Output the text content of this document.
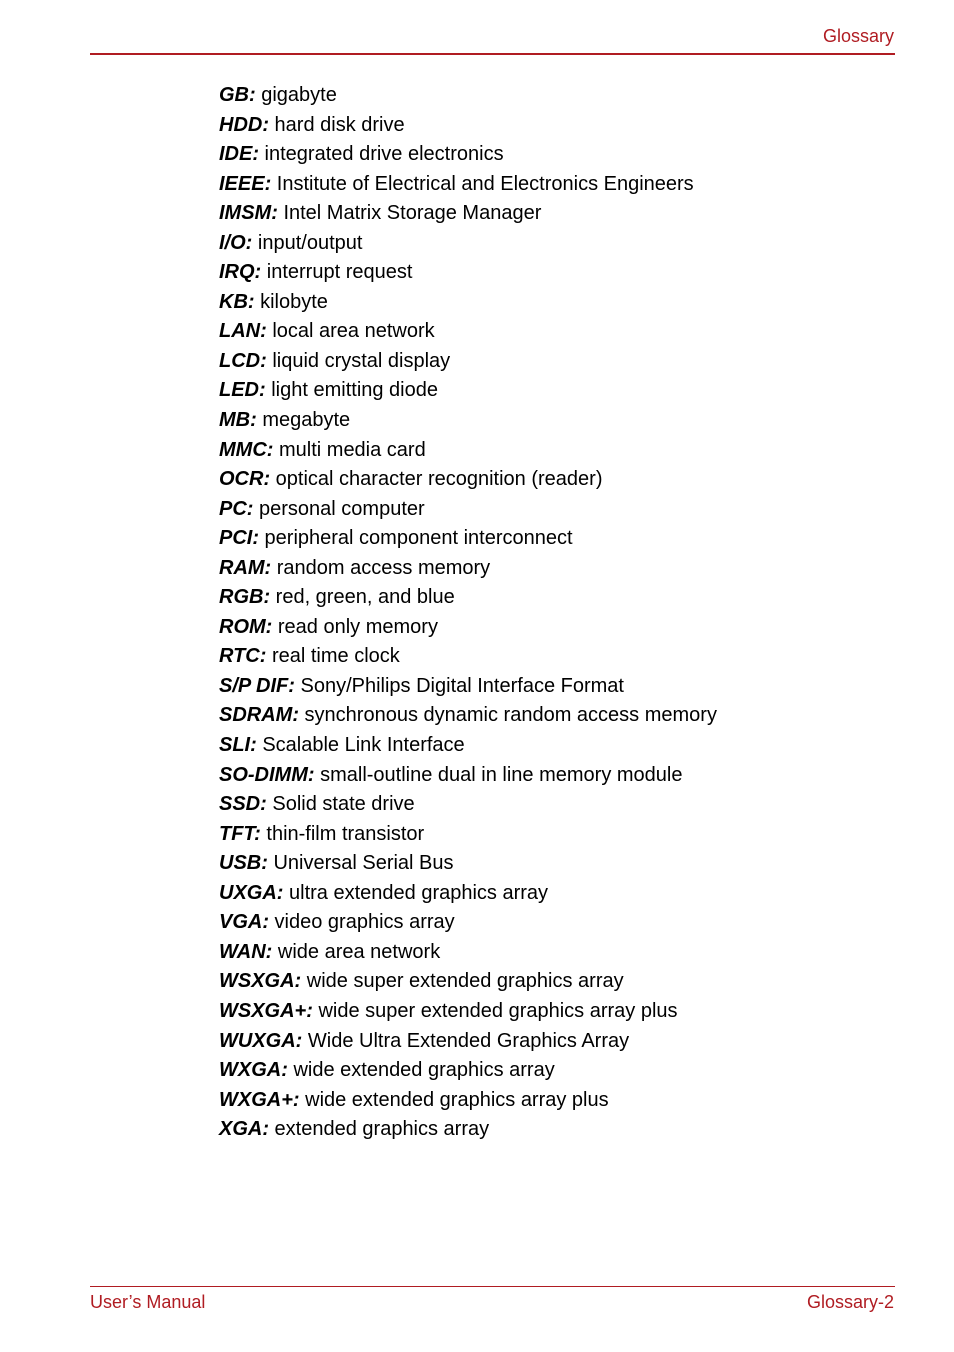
Glossary
GB: gigabyte
HDD: hard disk drive
IDE: integrated drive electronics
IEEE: Institute of Electrical and Electronics Engineers
IMSM: Intel Matrix Storage Manager
I/O: input/output
IRQ: interrupt request
KB: kilobyte
LAN: local area network
LCD: liquid crystal display
LED: light emitting diode
MB: megabyte
MMC: multi media card
OCR: optical character recognition (reader)
PC: personal computer
PCI: peripheral component interconnect
RAM: random access memory
RGB: red, green, and blue
ROM: read only memory
RTC: real time clock
S/P DIF: Sony/Philips Digital Interface Format
SDRAM: synchronous dynamic random access memory
SLI: Scalable Link Interface
SO-DIMM: small-outline dual in line memory module
SSD: Solid state drive
TFT: thin-film transistor
USB: Universal Serial Bus
UXGA: ultra extended graphics array
VGA: video graphics array
WAN: wide area network
WSXGA: wide super extended graphics array
WSXGA+: wide super extended graphics array plus
WUXGA: Wide Ultra Extended Graphics Array
WXGA: wide extended graphics array
WXGA+: wide extended graphics array plus
XGA: extended graphics array
User’s Manual	Glossary-2
